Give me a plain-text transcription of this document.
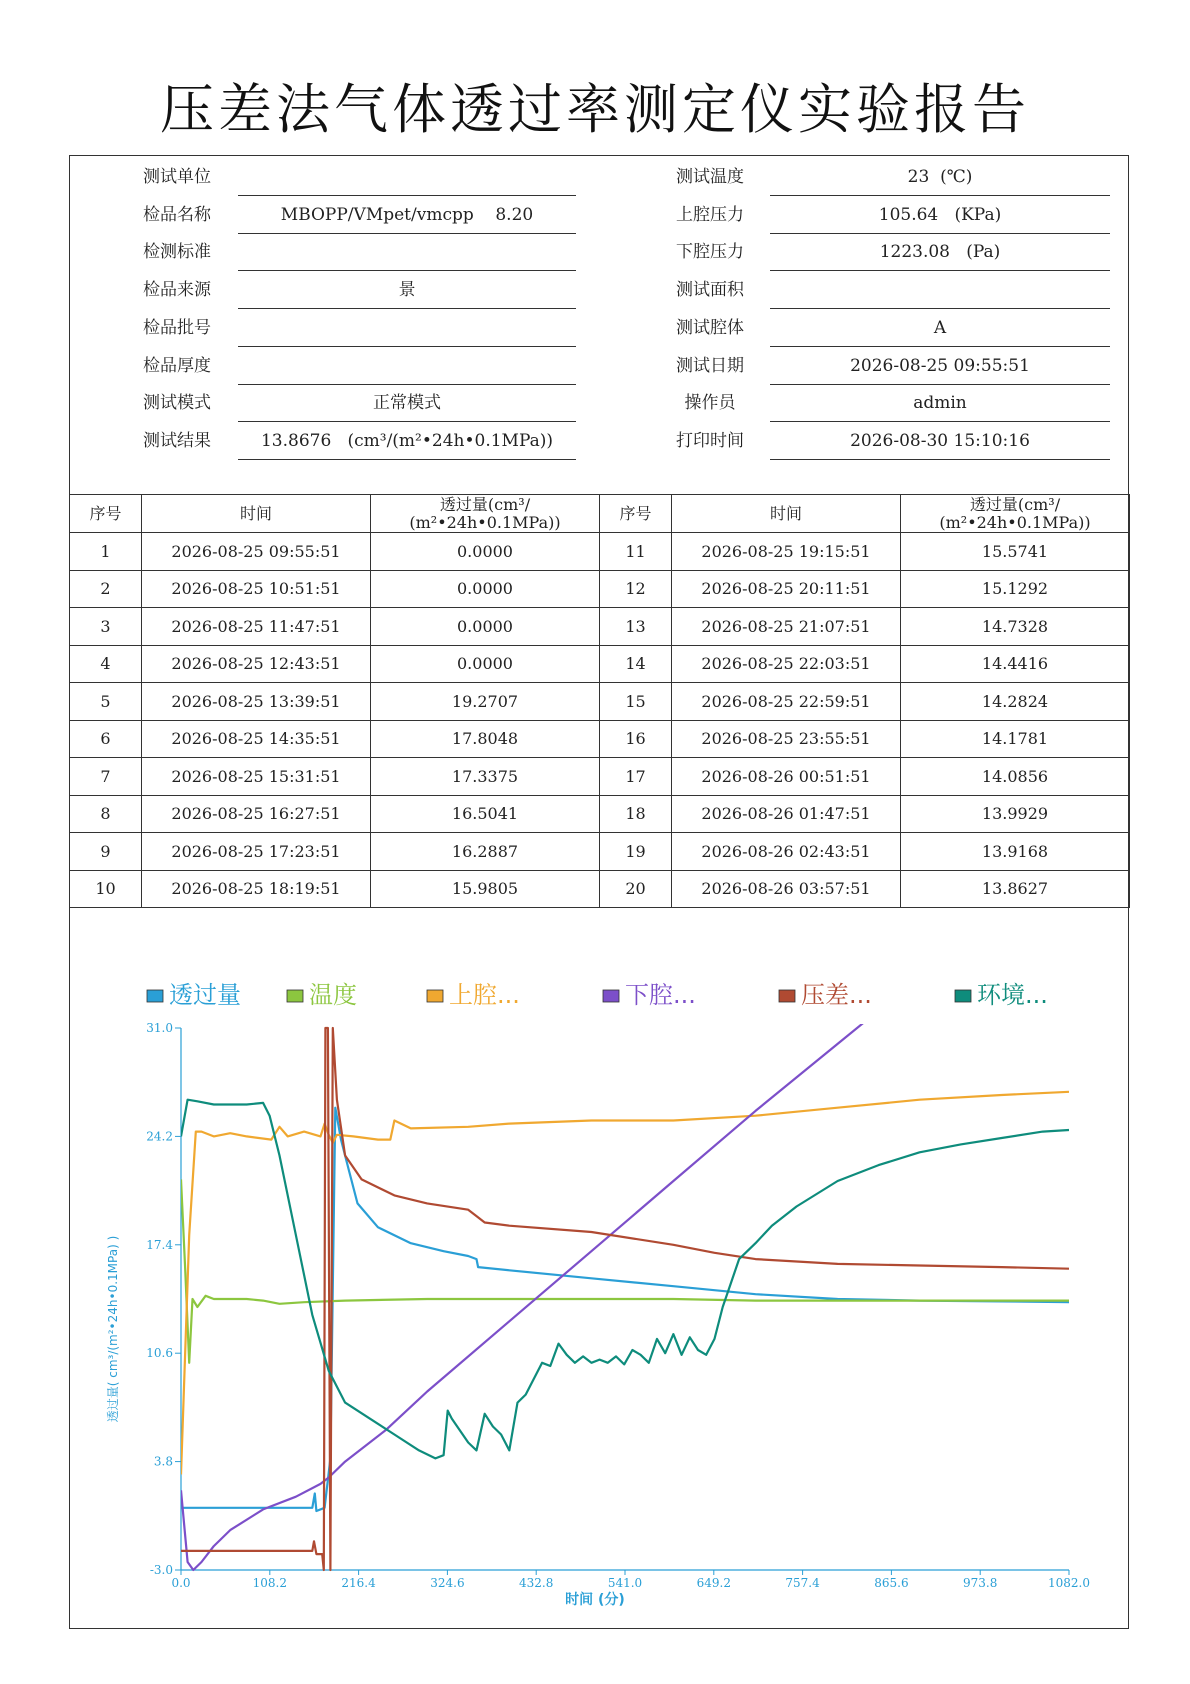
压差法气体透过率测定仪实验报告
测试单位
检品名称	MBOPP/VMpet/vmcpp    8.20
检测标准
检品来源	景
检品批号
检品厚度
测试模式	正常模式
测试结果	13.8676   (cm³/(m²•24h•0.1MPa))
测试温度	23  (℃)
上腔压力	105.64   (KPa)
下腔压力	1223.08   (Pa)
测试面积
测试腔体	A
测试日期	2026-08-25 09:55:51
操作员	admin
打印时间	2026-08-30 15:10:16
序号	时间	透过量(cm³/
(m²•24h•0.1MPa))	序号	时间	透过量(cm³/
(m²•24h•0.1MPa))
1	2026-08-25 09:55:51	0.0000	11	2026-08-25 19:15:51	15.5741
2	2026-08-25 10:51:51	0.0000	12	2026-08-25 20:11:51	15.1292
3	2026-08-25 11:47:51	0.0000	13	2026-08-25 21:07:51	14.7328
4	2026-08-25 12:43:51	0.0000	14	2026-08-25 22:03:51	14.4416
5	2026-08-25 13:39:51	19.2707	15	2026-08-25 22:59:51	14.2824
6	2026-08-25 14:35:51	17.8048	16	2026-08-25 23:55:51	14.1781
7	2026-08-25 15:31:51	17.3375	17	2026-08-26 00:51:51	14.0856
8	2026-08-25 16:27:51	16.5041	18	2026-08-26 01:47:51	13.9929
9	2026-08-25 17:23:51	16.2887	19	2026-08-26 02:43:51	13.9168
10	2026-08-25 18:19:51	15.9805	20	2026-08-26 03:57:51	13.8627
透过量	温度	上腔...	下腔...	压差...	环境...
-3.0
3.8
10.6
17.4
24.2
31.0
0.0	108.2	216.4	324.6	432.8	541.0	649.2	757.4	865.6	973.8	1082.0
时间 (分)
透过量( cm³/(m²•24h•0.1MPa) )
